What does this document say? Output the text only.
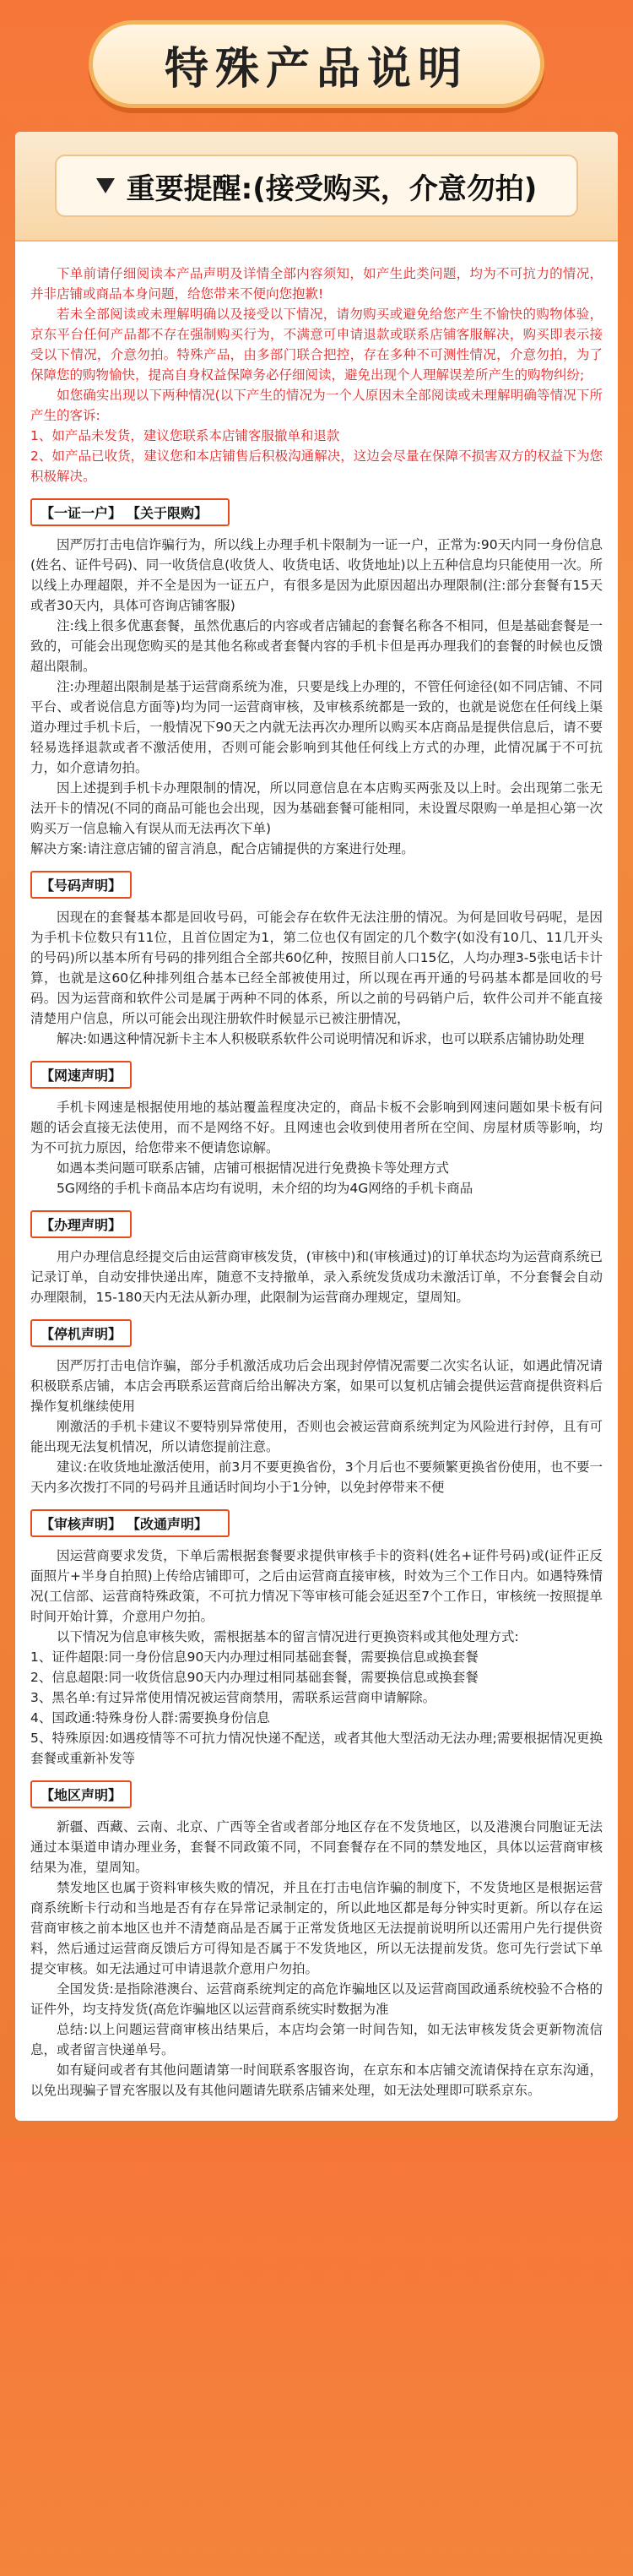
特殊产品说明
重要提醒:(接受购买，介意勿拍)

下单前请仔细阅读本产品声明及详情全部内容须知，如产生此类问题，均为不可抗力的情况，并非店铺或商品本身问题，给您带来不便向您抱歉!

若未全部阅读或未理解明确以及接受以下情况，请勿购买或避免给您产生不愉快的购物体验，京东平台任何产品都不存在强制购买行为，不满意可申请退款或联系店铺客服解决，购买即表示接受以下情况，介意勿拍。特殊产品，由多部门联合把控，存在多种不可测性情况，介意勿拍，为了保障您的购物愉快，提高自身权益保障务必仔细阅读，避免出现个人理解误差所产生的购物纠纷;

如您确实出现以下两种情况(以下产生的情况为一个人原因未全部阅读或未理解明确等情况下所产生的客诉:

1、如产品未发货，建议您联系本店铺客服撤单和退款

2、如产品已收货，建议您和本店铺售后积极沟通解决，这边会尽量在保障不损害双方的权益下为您积极解决。

【一证一户】 【关于限购】

因严厉打击电信诈骗行为，所以线上办理手机卡限制为一证一户，正常为:90天内同一身份信息(姓名、证件号码)、同一收货信息(收货人、收货电话、收货地址)以上五种信息均只能使用一次。所以线上办理超限，并不全是因为一证五户，有很多是因为此原因超出办理限制(注:部分套餐有15天或者30天内，具体可咨询店铺客服)

注:线上很多优惠套餐，虽然优惠后的内容或者店铺起的套餐名称各不相同，但是基础套餐是一致的，可能会出现您购买的是其他名称或者套餐内容的手机卡但是再办理我们的套餐的时候也反馈超出限制。

注:办理超出限制是基于运营商系统为准，只要是线上办理的，不管任何途径(如不同店铺、不同平台、或者说信息方面等)均为同一运营商审核，及审核系统都是一致的，也就是说您在任何线上渠道办理过手机卡后，一般情况下90天之内就无法再次办理所以购买本店商品是提供信息后，请不要轻易选择退款或者不激活使用，否则可能会影响到其他任何线上方式的办理，此情况属于不可抗力，如介意请勿拍。

因上述提到手机卡办理限制的情况，所以同意信息在本店购买两张及以上时。会出现第二张无法开卡的情况(不同的商品可能也会出现，因为基础套餐可能相同，未设置尽限购一单是担心第一次购买万一信息输入有误从而无法再次下单)

解决方案:请注意店铺的留言消息，配合店铺提供的方案进行处理。

【号码声明】

因现在的套餐基本都是回收号码，可能会存在软件无法注册的情况。为何是回收号码呢，是因为手机卡位数只有11位，且首位固定为1，第二位也仅有固定的几个数字(如没有10几、11几开头的号码)所以基本所有号码的排列组合全部共60亿种，按照目前人口15亿，人均办理3-5张电话卡计算，也就是这60亿种排列组合基本已经全部被使用过，所以现在再开通的号码基本都是回收的号码。因为运营商和软件公司是属于两种不同的体系，所以之前的号码销户后，软件公司并不能直接清楚用户信息，所以可能会出现注册软件时候显示已被注册情况，

解决:如遇这种情况新卡主本人积极联系软件公司说明情况和诉求，也可以联系店铺协助处理

【网速声明】

手机卡网速是根据使用地的基站覆盖程度决定的，商品卡板不会影响到网速问题如果卡板有问题的话会直接无法使用，而不是网络不好。且网速也会收到使用者所在空间、房屋材质等影响，均为不可抗力原因，给您带来不便请您谅解。

如遇本类问题可联系店铺，店铺可根据情况进行免费换卡等处理方式

5G网络的手机卡商品本店均有说明，未介绍的均为4G网络的手机卡商品

【办理声明】

用户办理信息经提交后由运营商审核发货，(审核中)和(审核通过)的订单状态均为运营商系统已记录订单，自动安排快递出库，随意不支持撤单，录入系统发货成功未激活订单，不分套餐会自动办理限制，15-180天内无法从新办理，此限制为运营商办理规定，望周知。

【停机声明】

因严厉打击电信诈骗，部分手机激活成功后会出现封停情况需要二次实名认证，如遇此情况请积极联系店铺，本店会再联系运营商后给出解决方案，如果可以复机店铺会提供运营商提供资料后操作复机继续使用

刚激活的手机卡建议不要特别异常使用，否则也会被运营商系统判定为风险进行封停，且有可能出现无法复机情况，所以请您提前注意。

建议:在收货地址激活使用，前3月不要更换省份，3个月后也不要频繁更换省份使用，也不要一天内多次拨打不同的号码并且通话时间均小于1分钟，以免封停带来不便

【审核声明】 【改通声明】

因运营商要求发货，下单后需根据套餐要求提供审核手卡的资料(姓名+证件号码)或(证件正反面照片+半身自拍照)上传给店铺即可，之后由运营商直接审核，时效为三个工作日内。如遇特殊情况(工信部、运营商特殊政策，不可抗力情况下等审核可能会延迟至7个工作日，审核统一按照提单时间开始计算，介意用户勿拍。

以下情况为信息审核失败，需根据基本的留言情况进行更换资料或其他处理方式:

1、证件超限:同一身份信息90天内办理过相同基础套餐，需要换信息或换套餐

2、信息超限:同一收货信息90天内办理过相同基础套餐，需要换信息或换套餐

3、黑名单:有过异常使用情况被运营商禁用，需联系运营商申请解除。

4、国政通:特殊身份人群:需要换身份信息

5、特殊原因:如遇疫情等不可抗力情况快递不配送，或者其他大型活动无法办理;需要根据情况更换套餐或重新补发等

【地区声明】

新疆、西藏、云南、北京、广西等全省或者部分地区存在不发货地区，以及港澳台同胞证无法通过本渠道申请办理业务，套餐不同政策不同，不同套餐存在不同的禁发地区，具体以运营商审核结果为准，望周知。

禁发地区也属于资料审核失败的情况，并且在打击电信诈骗的制度下，不发货地区是根据运营商系统断卡行动和当地是否有存在异常记录制定的，所以此地区都是每分钟实时更新。所以存在运营商审核之前本地区也并不清楚商品是否属于正常发货地区无法提前说明所以还需用户先行提供资料，然后通过运营商反馈后方可得知是否属于不发货地区，所以无法提前发货。您可先行尝试下单提交审核。如无法通过可申请退款介意用户勿拍。

全国发货:是指除港澳台、运营商系统判定的高危诈骗地区以及运营商国政通系统校验不合格的证件外，均支持发货(高危诈骗地区以运营商系统实时数据为准

总结:以上问题运营商审核出结果后，本店均会第一时间告知，如无法审核发货会更新物流信息，或者留言快递单号。

如有疑问或者有其他问题请第一时间联系客服咨询，在京东和本店铺交流请保持在京东沟通，以免出现骗子冒充客服以及有其他问题请先联系店铺来处理，如无法处理即可联系京东。
